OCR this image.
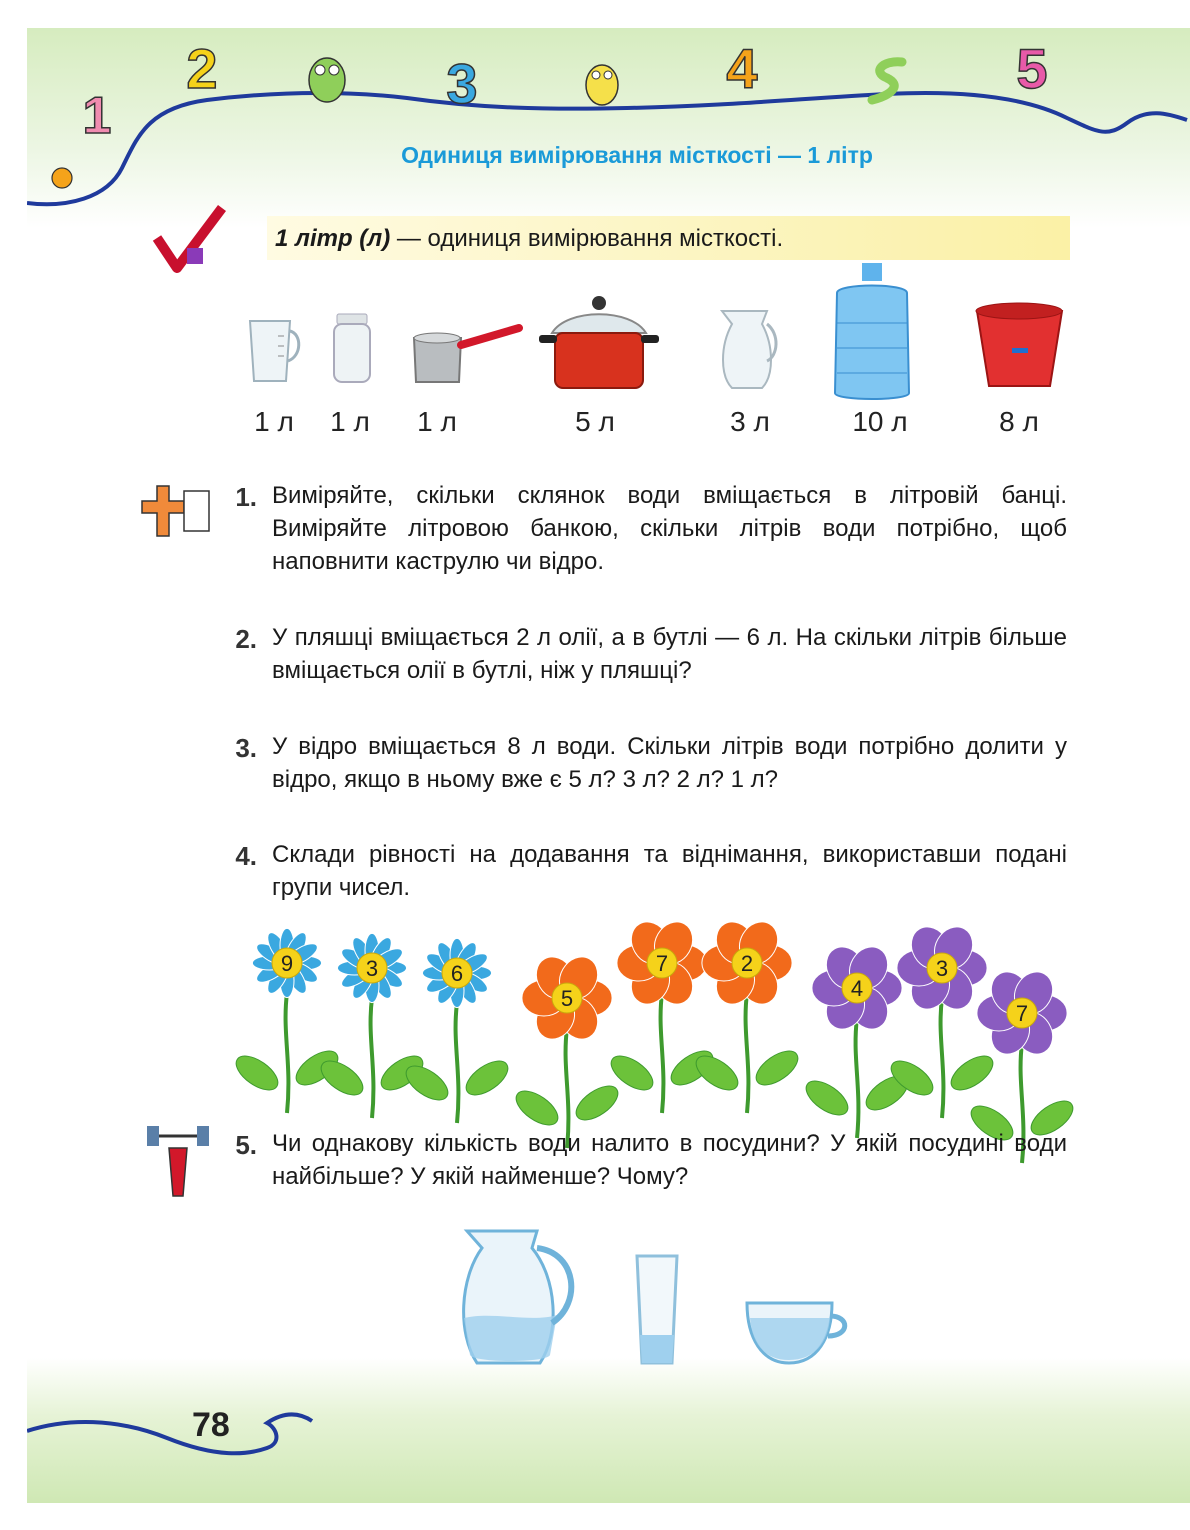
1
2	3	4	5
Одиниця вимірювання місткості — 1 літр
1 літр (л) — одиниця вимірювання місткості.
1 л	1 л	1 л	5 л	3 л	10 л	8 л
1. Виміряйте, скільки склянок води вміщається в літровій банці. Виміряйте літровою банкою, скільки літрів води потрібно, щоб наповнити каструлю чи відро.
2. У пляшці вміщається 2 л олії, а в бутлі — 6 л. На скільки літрів більше вміщається олії в бутлі, ніж у пляшці?
3. У відро вміщається 8 л води. Скільки літрів води потрібно долити у відро, якщо в ньому вже є 5 л? 3 л? 2 л? 1 л?
4. Склади рівності на додавання та віднімання, використавши подані групи чисел.
9	3	6
5
7	2
4
3
7
5. Чи однакову кількість води налито в посудини? У якій посудині води найбільше? У якій найменше? Чому?
78
